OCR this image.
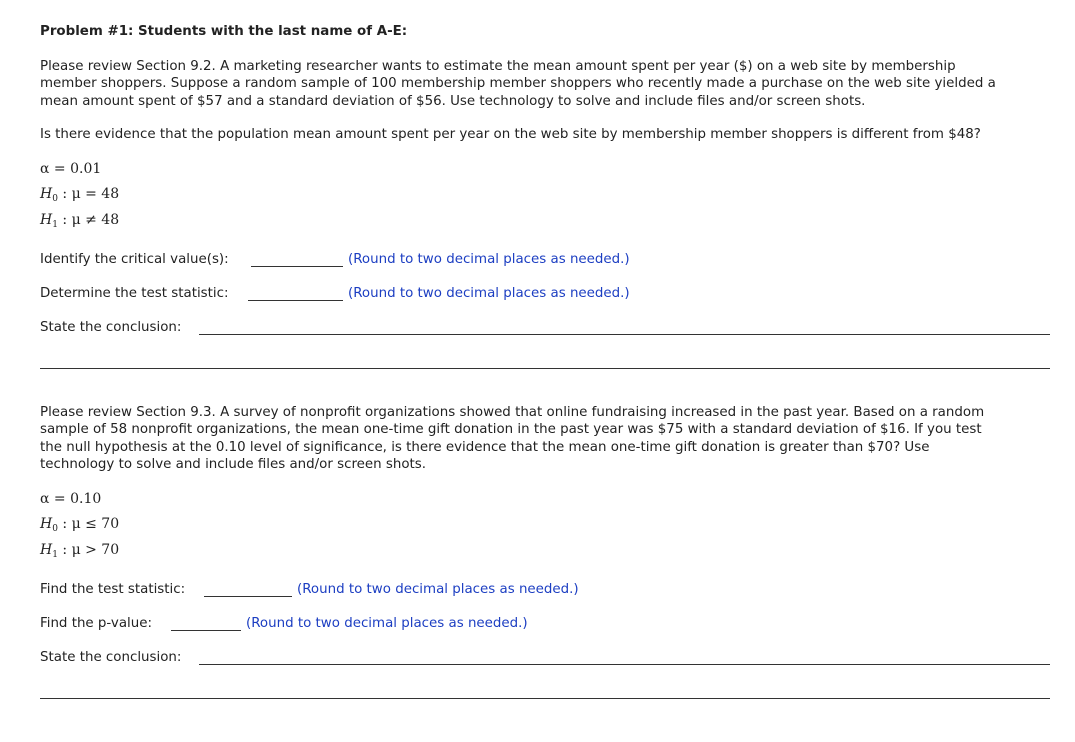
Problem #1: Students with the last name of A-E:
Please review Section 9.2. A marketing researcher wants to estimate the mean amount spent per year ($) on a web site by membership
member shoppers. Suppose a random sample of 100 membership member shoppers who recently made a purchase on the web site yielded a
mean amount spent of $57 and a standard deviation of $56. Use technology to solve and include files and/or screen shots.
Is there evidence that the population mean amount spent per year on the web site by membership member shoppers is different from $48?
α = 0.01
$H_0$ : μ = 48
$H_1$ : μ ≠ 48
Identify the critical value(s):	(Round to two decimal places as needed.)
Determine the test statistic:	(Round to two decimal places as needed.)
State the conclusion:
Please review Section 9.3. A survey of nonprofit organizations showed that online fundraising increased in the past year. Based on a random
sample of 58 nonprofit organizations, the mean one-time gift donation in the past year was $75 with a standard deviation of $16. If you test
the null hypothesis at the 0.10 level of significance, is there evidence that the mean one-time gift donation is greater than $70? Use
technology to solve and include files and/or screen shots.
α = 0.10
$H_0$ : μ ≤ 70
$H_1$ : μ > 70
Find the test statistic:	(Round to two decimal places as needed.)
Find the p-value:	(Round to two decimal places as needed.)
State the conclusion:
